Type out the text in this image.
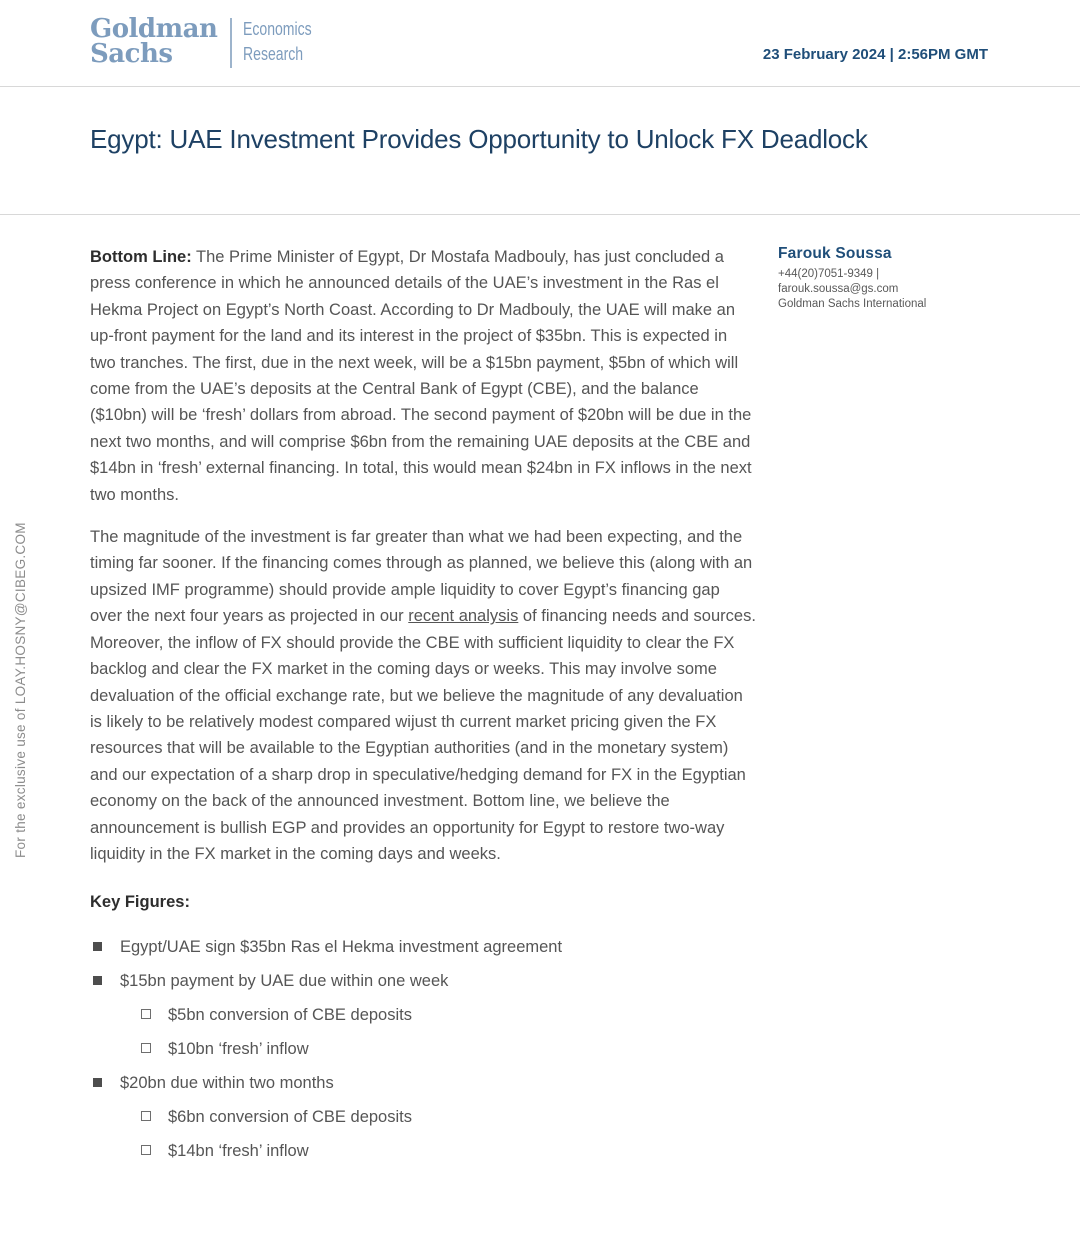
For the exclusive use of LOAY.HOSNY@CIBEG.COM
Goldman
Sachs
Economics
Research	23 February 2024 | 2:56PM GMT
Egypt: UAE Investment Provides Opportunity to Unlock FX Deadlock

Bottom Line: The Prime Minister of Egypt, Dr Mostafa Madbouly, has just concluded a press conference in which he announced details of the UAE’s investment in the Ras el Hekma Project on Egypt’s North Coast. According to Dr Madbouly, the UAE will make an up-front payment for the land and its interest in the project of $35bn. This is expected in two tranches. The first, due in the next week, will be a $15bn payment, $5bn of which will come from the UAE’s deposits at the Central Bank of Egypt (CBE), and the balance ($10bn) will be ‘fresh’ dollars from abroad. The second payment of $20bn will be due in the next two months, and will comprise $6bn from the remaining UAE deposits at the CBE and $14bn in ‘fresh’ external financing. In total, this would mean $24bn in FX inflows in the next two months.

The magnitude of the investment is far greater than what we had been expecting, and the timing far sooner. If the financing comes through as planned, we believe this (along with an upsized IMF programme) should provide ample liquidity to cover Egypt’s financing gap over the next four years as projected in our recent analysis of financing needs and sources. Moreover, the inflow of FX should provide the CBE with sufficient liquidity to clear the FX backlog and clear the FX market in the coming days or weeks. This may involve some devaluation of the official exchange rate, but we believe the magnitude of any devaluation is likely to be relatively modest compared wijust th current market pricing given the FX resources that will be available to the Egyptian authorities (and in the monetary system) and our expectation of a sharp drop in speculative/hedging demand for FX in the Egyptian economy on the back of the announced investment. Bottom line, we believe the announcement is bullish EGP and provides an opportunity for Egypt to restore two-way liquidity in the FX market in the coming days and weeks.

Key Figures:
Egypt/UAE sign $35bn Ras el Hekma investment agreement
$15bn payment by UAE due within one week
$5bn conversion of CBE deposits
$10bn ‘fresh’ inflow
$20bn due within two months
$6bn conversion of CBE deposits
$14bn ‘fresh’ inflow
Farouk Soussa
+44(20)7051-9349 |
farouk.soussa@gs.com
Goldman Sachs International
